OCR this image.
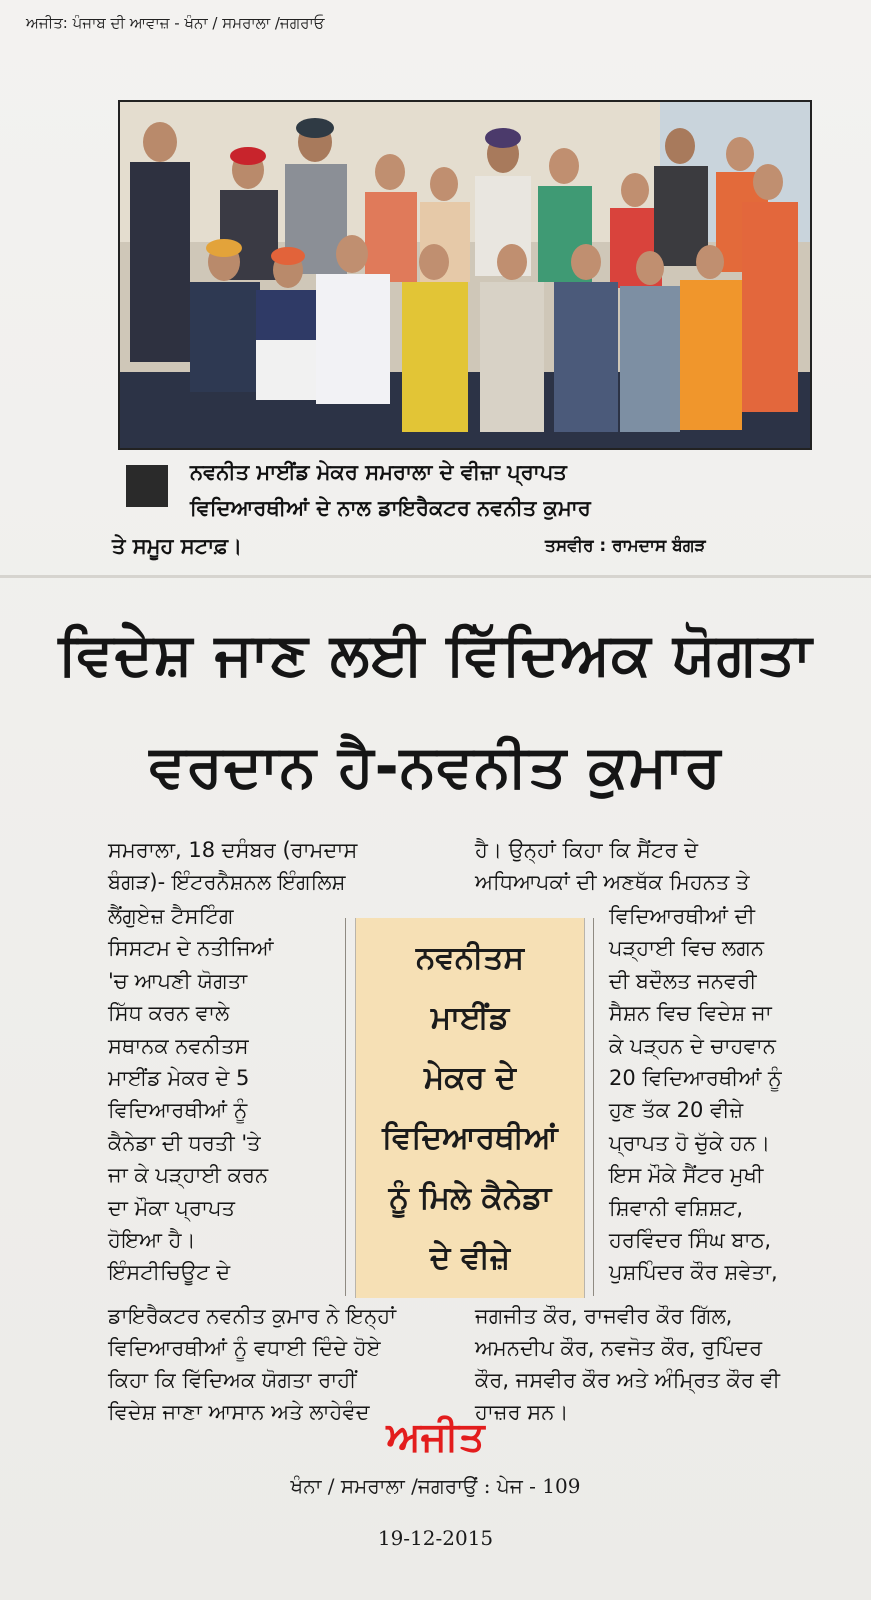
ਅਜੀਤ: ਪੰਜਾਬ ਦੀ ਆਵਾਜ਼ - ਖੰਨਾ / ਸਮਰਾਲਾ /ਜਗਰਾਓ
ਨਵਨੀਤ ਮਾਈਂਡ ਮੇਕਰ ਸਮਰਾਲਾ ਦੇ ਵੀਜ਼ਾ ਪ੍ਰਾਪਤ
ਵਿਦਿਆਰਥੀਆਂ ਦੇ ਨਾਲ ਡਾਇਰੈਕਟਰ ਨਵਨੀਤ ਕੁਮਾਰ
ਤੇ ਸਮੂਹ ਸਟਾਫ਼।	ਤਸਵੀਰ : ਰਾਮਦਾਸ ਬੰਗੜ
ਵਿਦੇਸ਼ ਜਾਣ ਲਈ ਵਿੱਦਿਅਕ ਯੋਗਤਾ
ਵਰਦਾਨ ਹੈ-ਨਵਨੀਤ ਕੁਮਾਰ
ਸਮਰਾਲਾ, 18 ਦਸੰਬਰ (ਰਾਮਦਾਸ
ਬੰਗੜ)- ਇੰਟਰਨੈਸ਼ਨਲ ਇੰਗਲਿਸ਼
ਹੈ। ਉਨ੍ਹਾਂ ਕਿਹਾ ਕਿ ਸੈਂਟਰ ਦੇ
ਅਧਿਆਪਕਾਂ ਦੀ ਅਣਥੱਕ ਮਿਹਨਤ ਤੇ
ਨਵਨੀਤਸ
ਮਾਈਂਡ
ਮੇਕਰ ਦੇ
ਵਿਦਿਆਰਥੀਆਂ
ਨੂੰ ਮਿਲੇ ਕੈਨੇਡਾ
ਦੇ ਵੀਜ਼ੇ
ਡਾਇਰੈਕਟਰ ਨਵਨੀਤ ਕੁਮਾਰ ਨੇ ਇਨ੍ਹਾਂ
ਵਿਦਿਆਰਥੀਆਂ ਨੂੰ ਵਧਾਈ ਦਿੰਦੇ ਹੋਏ
ਕਿਹਾ ਕਿ ਵਿੱਦਿਅਕ ਯੋਗਤਾ ਰਾਹੀਂ
ਵਿਦੇਸ਼ ਜਾਣਾ ਆਸਾਨ ਅਤੇ ਲਾਹੇਵੰਦ
ਜਗਜੀਤ ਕੌਰ, ਰਾਜਵੀਰ ਕੌਰ ਗਿੱਲ,
ਅਮਨਦੀਪ ਕੌਰ, ਨਵਜੋਤ ਕੌਰ, ਰੁਪਿੰਦਰ
ਕੌਰ, ਜਸਵੀਰ ਕੌਰ ਅਤੇ ਅੰਮ੍ਰਿਤ ਕੌਰ ਵੀ
ਹਾਜ਼ਰ ਸਨ।
ਅਜੀਤ
ਖੰਨਾ / ਸਮਰਾਲਾ /ਜਗਰਾਉਂ : ਪੇਜ - 109
19-12-2015
ਲੈਂਗੁਏਜ਼ ਟੈਸਟਿੰਗ
ਸਿਸਟਮ ਦੇ ਨਤੀਜਿਆਂ
'ਚ ਆਪਣੀ ਯੋਗਤਾ
ਸਿੱਧ ਕਰਨ ਵਾਲੇ
ਸਥਾਨਕ ਨਵਨੀਤਸ
ਮਾਈਂਡ ਮੇਕਰ ਦੇ 5
ਵਿਦਿਆਰਥੀਆਂ ਨੂੰ
ਕੈਨੇਡਾ ਦੀ ਧਰਤੀ 'ਤੇ
ਜਾ ਕੇ ਪੜ੍ਹਾਈ ਕਰਨ
ਦਾ ਮੌਕਾ ਪ੍ਰਾਪਤ
ਹੋਇਆ ਹੈ।
ਇੰਸਟੀਚਿਊਟ ਦੇ
ਵਿਦਿਆਰਥੀਆਂ ਦੀ
ਪੜ੍ਹਾਈ ਵਿਚ ਲਗਨ
ਦੀ ਬਦੌਲਤ ਜਨਵਰੀ
ਸੈਸ਼ਨ ਵਿਚ ਵਿਦੇਸ਼ ਜਾ
ਕੇ ਪੜ੍ਹਨ ਦੇ ਚਾਹਵਾਨ
20 ਵਿਦਿਆਰਥੀਆਂ ਨੂੰ
ਹੁਣ ਤੱਕ 20 ਵੀਜ਼ੇ
ਪ੍ਰਾਪਤ ਹੋ ਚੁੱਕੇ ਹਨ।
ਇਸ ਮੌਕੇ ਸੈਂਟਰ ਮੁਖੀ
ਸ਼ਿਵਾਨੀ ਵਸ਼ਿਸ਼ਟ,
ਹਰਵਿੰਦਰ ਸਿੰਘ ਬਾਠ,
ਪੁਸ਼ਪਿੰਦਰ ਕੌਰ ਸ਼ਵੇਤਾ,
